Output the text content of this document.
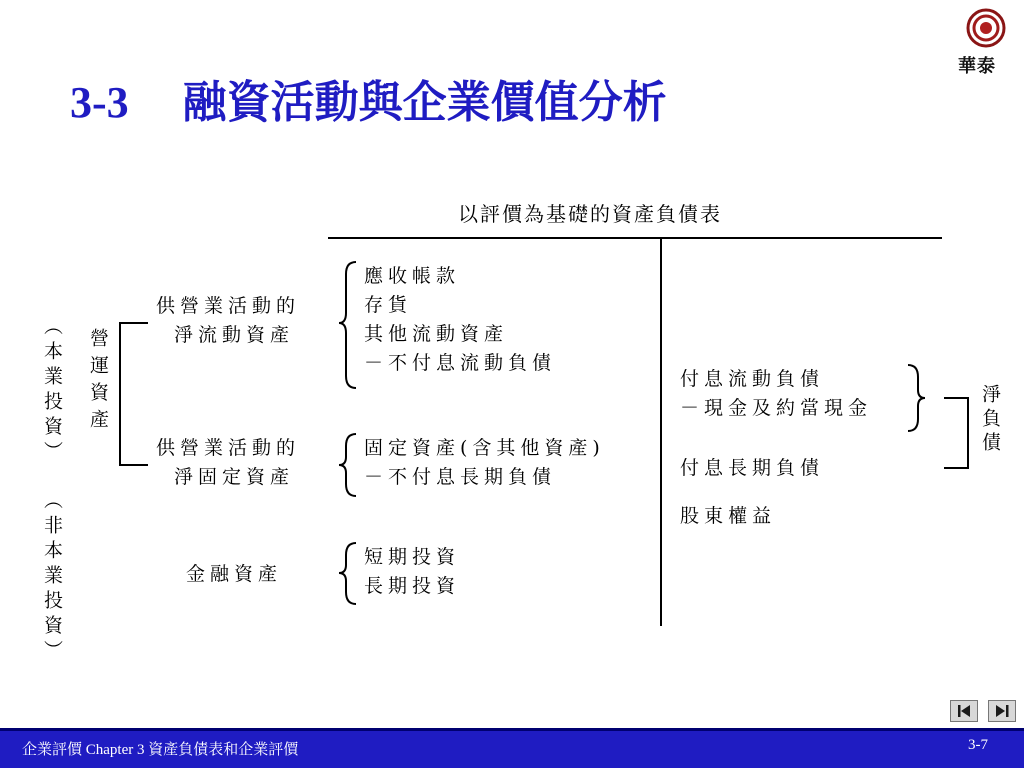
3-3 融資活動與企業價值分析
華泰
以評價為基礎的資產負債表
（本業投資）
（非本業投資）
營運資產
供營業活動的
淨流動資產
應收帳款
存貨
其他流動資產
－不付息流動負債
供營業活動的
淨固定資產
固定資產(含其他資產)
－不付息長期負債
金融資產
短期投資
長期投資
付息流動負債
－現金及約當現金
付息長期負債
股東權益
淨負債
企業評價 Chapter 3 資產負債表和企業評價	3-7
